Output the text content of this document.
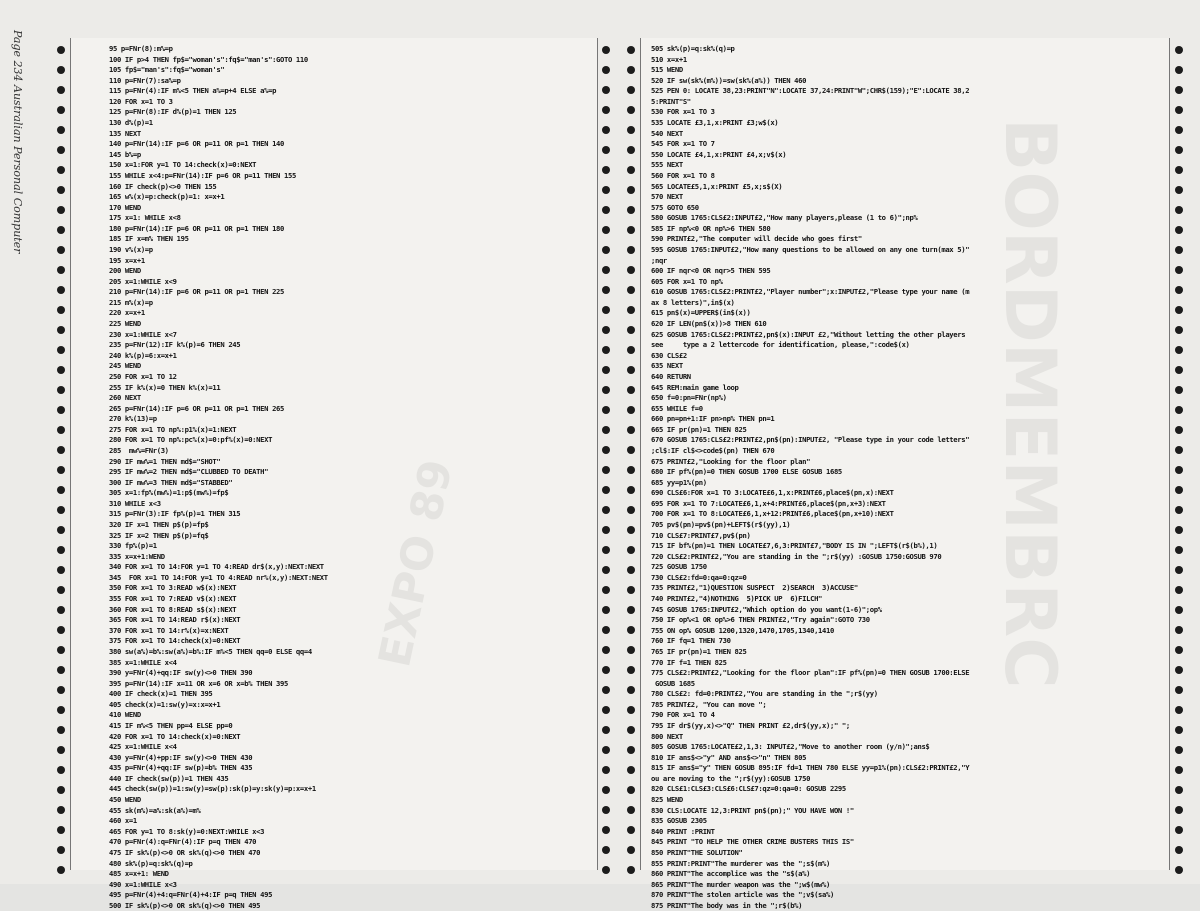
Page 234 Australian Personal Computer
EXPO 89
95 p=FNr(8):m%=p
100 IF p>4 THEN fp$="woman's":fq$="man's":GOTO 110
105 fp$="man's":fq$="woman's"
110 p=FNr(7):sa%=p
115 p=FNr(4):IF m%<5 THEN a%=p+4 ELSE a%=p
120 FOR x=1 TO 3
125 p=FNr(8):IF d%(p)=1 THEN 125
130 d%(p)=1
135 NEXT
140 p=FNr(14):IF p=6 OR p=11 OR p=1 THEN 140
145 b%=p
150 x=1:FOR y=1 TO 14:check(x)=0:NEXT
155 WHILE x<4:p=FNr(14):IF p=6 OR p=11 THEN 155
160 IF check(p)<>0 THEN 155
165 w%(x)=p:check(p)=1: x=x+1
170 WEND
175 x=1: WHILE x<8
180 p=FNr(14):IF p=6 OR p=11 OR p=1 THEN 180
185 IF x=m% THEN 195
190 v%(x)=p
195 x=x+1
200 WEND
205 x=1:WHILE x<9
210 p=FNr(14):IF p=6 OR p=11 OR p=1 THEN 225
215 m%(x)=p
220 x=x+1
225 WEND
230 x=1:WHILE x<7
235 p=FNr(12):IF k%(p)=6 THEN 245
240 k%(p)=6:x=x+1
245 WEND
250 FOR x=1 TO 12
255 IF k%(x)=0 THEN k%(x)=11
260 NEXT
265 p=FNr(14):IF p=6 OR p=11 OR p=1 THEN 265
270 k%(13)=p
275 FOR x=1 TO np%:p1%(x)=1:NEXT
280 FOR x=1 TO np%:pc%(x)=0:pf%(x)=0:NEXT
285  mw%=FNr(3)
290 IF mw%=1 THEN md$="SHOT"
295 IF mw%=2 THEN md$="CLUBBED TO DEATH"
300 IF mw%=3 THEN md$="STABBED"
305 x=1:fp%(mw%)=1:p$(mw%)=fp$
310 WHILE x<3
315 p=FNr(3):IF fp%(p)=1 THEN 315
320 IF x=1 THEN p$(p)=fp$
325 IF x=2 THEN p$(p)=fq$
330 fp%(p)=1
335 x=x+1:WEND
340 FOR x=1 TO 14:FOR y=1 TO 4:READ dr$(x,y):NEXT:NEXT
345  FOR x=1 TO 14:FOR y=1 TO 4:READ nr%(x,y):NEXT:NEXT
350 FOR x=1 TO 3:READ w$(x):NEXT
355 FOR x=1 TO 7:READ v$(x):NEXT
360 FOR x=1 TO 8:READ s$(x):NEXT
365 FOR x=1 TO 14:READ r$(x):NEXT
370 FOR x=1 TO 14:r%(x)=x:NEXT
375 FOR x=1 TO 14:check(x)=0:NEXT
380 sw(a%)=b%:sw(a%)=b%:IF m%<5 THEN qq=0 ELSE qq=4
385 x=1:WHILE x<4
390 y=FNr(4)+qq:IF sw(y)<>0 THEN 390
395 p=FNr(14):IF x=11 OR x=6 OR x=b% THEN 395
400 IF check(x)=1 THEN 395
405 check(x)=1:sw(y)=x:x=x+1
410 WEND
415 IF m%<5 THEN pp=4 ELSE pp=0
420 FOR x=1 TO 14:check(x)=0:NEXT
425 x=1:WHILE x<4
430 y=FNr(4)+pp:IF sw(y)<>0 THEN 430
435 p=FNr(4)+qq:IF sw(p)=b% THEN 435
440 IF check(sw(p))=1 THEN 435
445 check(sw(p))=1:sw(y)=sw(p):sk(p)=y:sk(y)=p:x=x+1
450 WEND
455 sk(m%)=a%:sk(a%)=m%
460 x=1
465 FOR y=1 TO 8:sk(y)=0:NEXT:WHILE x<3
470 p=FNr(4):q=FNr(4):IF p=q THEN 470
475 IF sk%(p)<>0 OR sk%(q)<>0 THEN 470
480 sk%(p)=q:sk%(q)=p
485 x=x+1: WEND
490 x=1:WHILE x<3
495 p=FNr(4)+4:q=FNr(4)+4:IF p=q THEN 495
500 IF sk%(p)<>0 OR sk%(q)<>0 THEN 495
BORDMEMBRC
505 sk%(p)=q:sk%(q)=p
510 x=x+1
515 WEND
520 IF sw(sk%(m%))=sw(sk%(a%)) THEN 460
525 PEN 0: LOCATE 38,23:PRINT"N":LOCATE 37,24:PRINT"W";CHR$(159);"E":LOCATE 38,2
5:PRINT"S"
530 FOR x=1 TO 3
535 LOCATE £3,1,x:PRINT £3;w$(x)
540 NEXT
545 FOR x=1 TO 7
550 LOCATE £4,1,x:PRINT £4,x;v$(x)
555 NEXT
560 FOR x=1 TO 8
565 LOCATE£5,1,x:PRINT £5,x;s$(X)
570 NEXT
575 GOTO 650
580 GOSUB 1765:CLS£2:INPUT£2,"How many players,please (1 to 6)";np%
585 IF np%<0 OR np%>6 THEN 580
590 PRINT£2,"The computer will decide who goes first"
595 GOSUB 1765:INPUT£2,"How many questions to be allowed on any one turn(max 5)"
;nqr
600 IF nqr<0 OR nqr>5 THEN 595
605 FOR x=1 TO np%
610 GOSUB 1765:CLS£2:PRINT£2,"Player number";x:INPUT£2,"Please type your name (m
ax 8 letters)",in$(x)
615 pn$(x)=UPPER$(in$(x))
620 IF LEN(pn$(x))>8 THEN 610
625 GOSUB 1765:CLS£2:PRINT£2,pn$(x):INPUT £2,"Without letting the other players
see     type a 2 lettercode for identification, please,":code$(x)
630 CLS£2
635 NEXT
640 RETURN
645 REM:main game loop
650 f=0:pn=FNr(np%)
655 WHILE f=0
660 pn=pn+1:IF pn>np% THEN pn=1
665 IF pr(pn)=1 THEN 825
670 GOSUB 1765:CLS£2:PRINT£2,pn$(pn):INPUT£2, "Please type in your code letters"
;cl$:IF cl$<>code$(pn) THEN 670
675 PRINT£2,"Looking for the floor plan"
680 IF pf%(pn)=0 THEN GOSUB 1700 ELSE GOSUB 1685
685 yy=p1%(pn)
690 CLS£6:FOR x=1 TO 3:LOCATE£6,1,x:PRINT£6,place$(pn,x):NEXT
695 FOR x=1 TO 7:LOCATE£6,1,x+4:PRINT£6,place$(pn,x+3):NEXT
700 FOR x=1 TO 8:LOCATE£6,1,x+12:PRINT£6,place$(pn,x+10):NEXT
705 pv$(pn)=pv$(pn)+LEFT$(r$(yy),1)
710 CLS£7:PRINT£7,pv$(pn)
715 IF bf%(pn)=1 THEN LOCATE£7,6,3:PRINT£7,"BODY IS IN ";LEFT$(r$(b%),1)
720 CLS£2:PRINT£2,"You are standing in the ";r$(yy) :GOSUB 1750:GOSUB 970
725 GOSUB 1750
730 CLS£2:fd=0:qa=0:qz=0
735 PRINT£2,"1)QUESTION SUSPECT  2)SEARCH  3)ACCUSE"
740 PRINT£2,"4)NOTHING  5)PICK UP  6)FILCH"
745 GOSUB 1765:INPUT£2,"Which option do you want(1-6)";op%
750 IF op%<1 OR op%>6 THEN PRINT£2,"Try again":GOTO 730
755 ON op% GOSUB 1200,1320,1470,1705,1340,1410
760 IF fq=1 THEN 730
765 IF pr(pn)=1 THEN 825
770 IF f=1 THEN 825
775 CLS£2:PRINT£2,"Looking for the floor plan":IF pf%(pn)=0 THEN GOSUB 1700:ELSE
GOSUB 1685
780 CLS£2: fd=0:PRINT£2,"You are standing in the ";r$(yy)
785 PRINT£2, "You can move ";
790 FOR x=1 TO 4
795 IF dr$(yy,x)<>"Q" THEN PRINT £2,dr$(yy,x);" ";
800 NEXT
805 GOSUB 1765:LOCATE£2,1,3: INPUT£2,"Move to another room (y/n)";ans$
810 IF ans$<>"y" AND ans$<>"n" THEN 805
815 IF ans$="y" THEN GOSUB 895:IF fd=1 THEN 780 ELSE yy=p1%(pn):CLS£2:PRINT£2,"Y
ou are moving to the ";r$(yy):GOSUB 1750
820 CLS£1:CLS£3:CLS£6:CLS£7:qz=0:qa=0: GOSUB 2295
825 WEND
830 CLS:LOCATE 12,3:PRINT pn$(pn);" YOU HAVE WON !"
835 GOSUB 2305
840 PRINT :PRINT
845 PRINT "TO HELP THE OTHER CRIME BUSTERS THIS IS"
850 PRINT"THE SOLUTION"
855 PRINT:PRINT"The murderer was the ";s$(m%)
860 PRINT"The accomplice was the "s$(a%)
865 PRINT"The murder weapon was the ";w$(mw%)
870 PRINT"The stolen article was the ";v$(sa%)
875 PRINT"The body was in the ";r$(b%)
